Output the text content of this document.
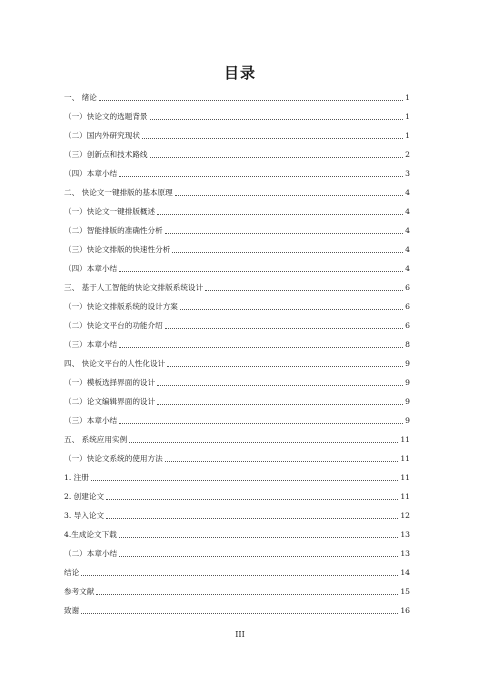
目录
一、 绪论	1
（一）快论文的选题背景	1
（二）国内外研究现状	1
（三）创新点和技术路线	2
（四）本章小结	3
二、 快论文一键排版的基本原理	4
（一）快论文一键排版概述	4
（二）智能排版的准确性分析	4
（三）快论文排版的快速性分析	4
（四）本章小结	4
三、 基于人工智能的快论文排版系统设计	6
（一）快论文排版系统的设计方案	6
（二）快论文平台的功能介绍	6
（三）本章小结	8
四、 快论文平台的人性化设计	9
（一）模板选择界面的设计	9
（二）论文编辑界面的设计	9
（三）本章小结	9
五、 系统应用实例	11
（一）快论文系统的使用方法	11
1. 注册	11
2. 创建论文	11
3. 导入论文	12
4.生成论文下载	13
（二）本章小结	13
结论	14
参考文献	15
致谢	16
III
